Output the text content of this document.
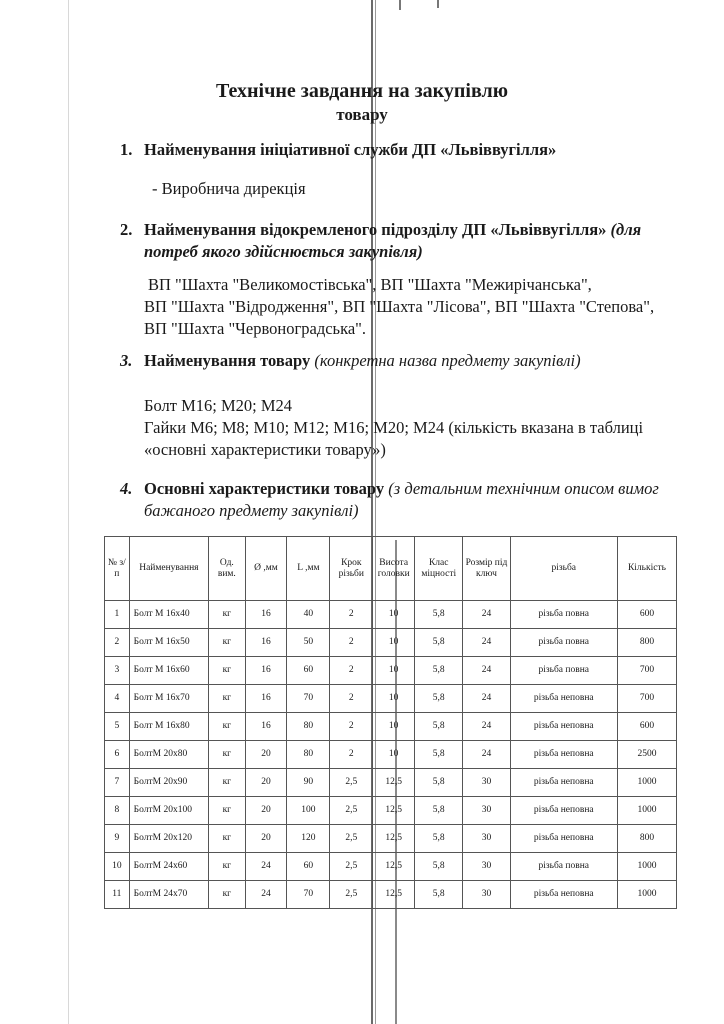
Технічне завдання на закупівлю
товару
1. Найменування ініціативної служби ДП «Львіввугілля»
- Виробнича дирекція
2. Найменування відокремленого підрозділу ДП «Львіввугілля» (для
потреб якого здійснюється закупівля)
ВП "Шахта "Великомостівська", ВП "Шахта "Межирічанська",
ВП "Шахта "Відродження", ВП "Шахта "Лісова", ВП "Шахта "Степова",
ВП "Шахта "Червоноградська".
3. Найменування товару (конкретна назва предмету закупівлі)
Болт М16; М20; М24
Гайки М6; М8; М10; М12; М16; М20; М24 (кількість вказана в таблиці
«основні характеристики товару»)
4. Основні характеристики товару (з детальним технічним описом вимог
бажаного предмету закупівлі)
№ з/п	Найменування	Од. вим.	Ø ,мм	L ,мм	Крок різьби	Висота головки	Клас міцності	Розмір під ключ	різьба	Кількість
1	Болт М 16х40	кг	16	40	2	10	5,8	24	різьба повна	600
2	Болт М 16х50	кг	16	50	2	10	5,8	24	різьба повна	800
3	Болт М 16х60	кг	16	60	2	10	5,8	24	різьба повна	700
4	Болт М 16х70	кг	16	70	2	10	5,8	24	різьба неповна	700
5	Болт М 16х80	кг	16	80	2	10	5,8	24	різьба неповна	600
6	БолтМ 20х80	кг	20	80	2	10	5,8	24	різьба неповна	2500
7	БолтМ 20х90	кг	20	90	2,5	12,5	5,8	30	різьба неповна	1000
8	БолтМ 20х100	кг	20	100	2,5	12,5	5,8	30	різьба неповна	1000
9	БолтМ 20х120	кг	20	120	2,5	12,5	5,8	30	різьба неповна	800
10	БолтМ 24х60	кг	24	60	2,5	12,5	5,8	30	різьба повна	1000
11	БолтМ 24х70	кг	24	70	2,5	12,5	5,8	30	різьба неповна	1000
